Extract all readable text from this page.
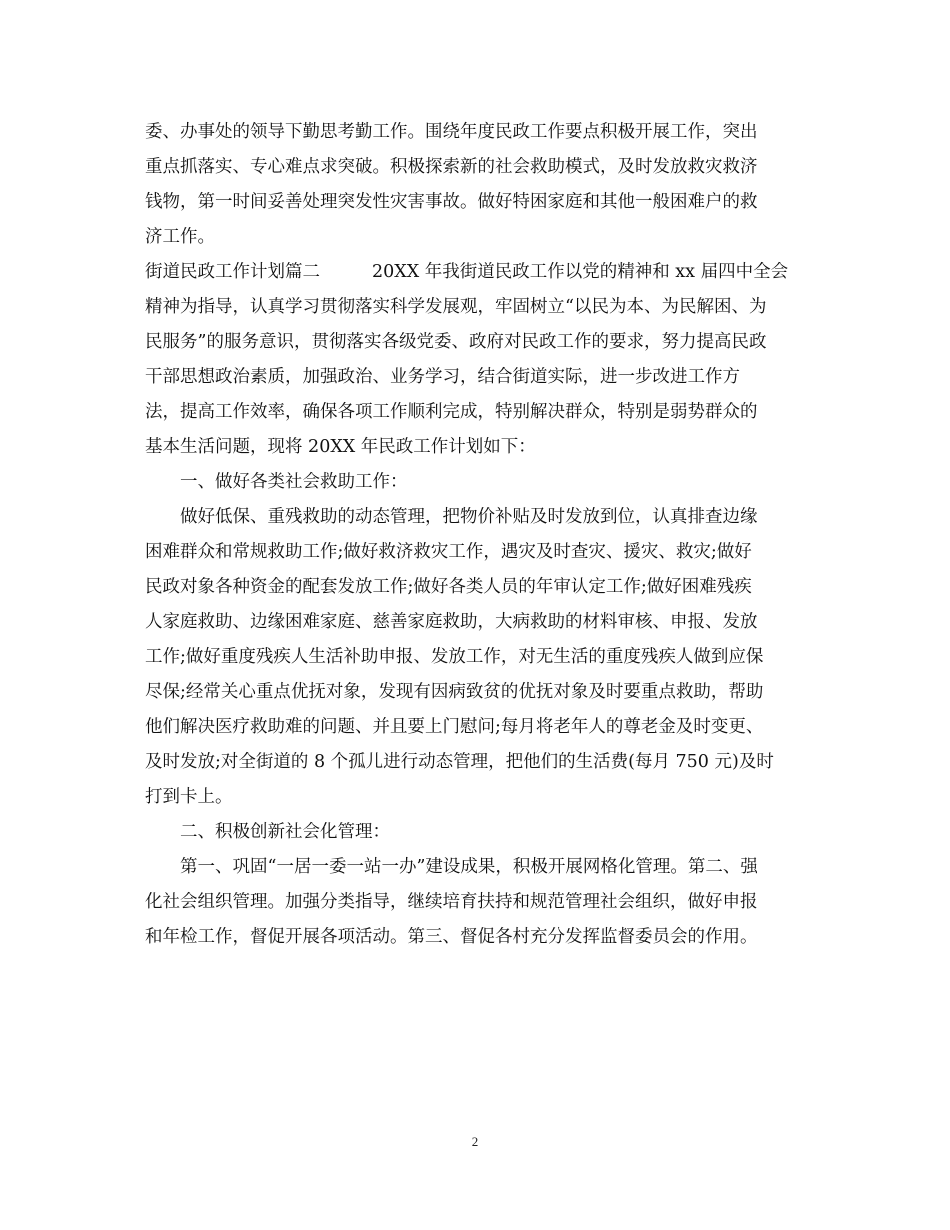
委、办事处的领导下勤思考勤工作。围绕年度民政工作要点积极开展工作，突出
重点抓落实、专心难点求突破。积极探索新的社会救助模式，及时发放救灾救济
钱物，第一时间妥善处理突发性灾害事故。做好特困家庭和其他一般困难户的救
济工作。
街道民政工作计划篇二	20XX 年我街道民政工作以党的精神和 xx 届四中全会
精神为指导，认真学习贯彻落实科学发展观，牢固树立“以民为本、为民解困、为
民服务”的服务意识，贯彻落实各级党委、政府对民政工作的要求，努力提高民政
干部思想政治素质，加强政治、业务学习，结合街道实际，进一步改进工作方
法，提高工作效率，确保各项工作顺利完成，特别解决群众，特别是弱势群众的
基本生活问题，现将 20XX 年民政工作计划如下：
一、做好各类社会救助工作：
做好低保、重残救助的动态管理，把物价补贴及时发放到位，认真排查边缘
困难群众和常规救助工作;做好救济救灾工作，遇灾及时查灾、援灾、救灾;做好
民政对象各种资金的配套发放工作;做好各类人员的年审认定工作;做好困难残疾
人家庭救助、边缘困难家庭、慈善家庭救助，大病救助的材料审核、申报、发放
工作;做好重度残疾人生活补助申报、发放工作，对无生活的重度残疾人做到应保
尽保;经常关心重点优抚对象，发现有因病致贫的优抚对象及时要重点救助，帮助
他们解决医疗救助难的问题、并且要上门慰问;每月将老年人的尊老金及时变更、
及时发放;对全街道的 8 个孤儿进行动态管理，把他们的生活费(每月 750 元)及时
打到卡上。
二、积极创新社会化管理：
第一、巩固“一居一委一站一办”建设成果，积极开展网格化管理。第二、强
化社会组织管理。加强分类指导，继续培育扶持和规范管理社会组织，做好申报
和年检工作，督促开展各项活动。第三、督促各村充分发挥监督委员会的作用。
2
